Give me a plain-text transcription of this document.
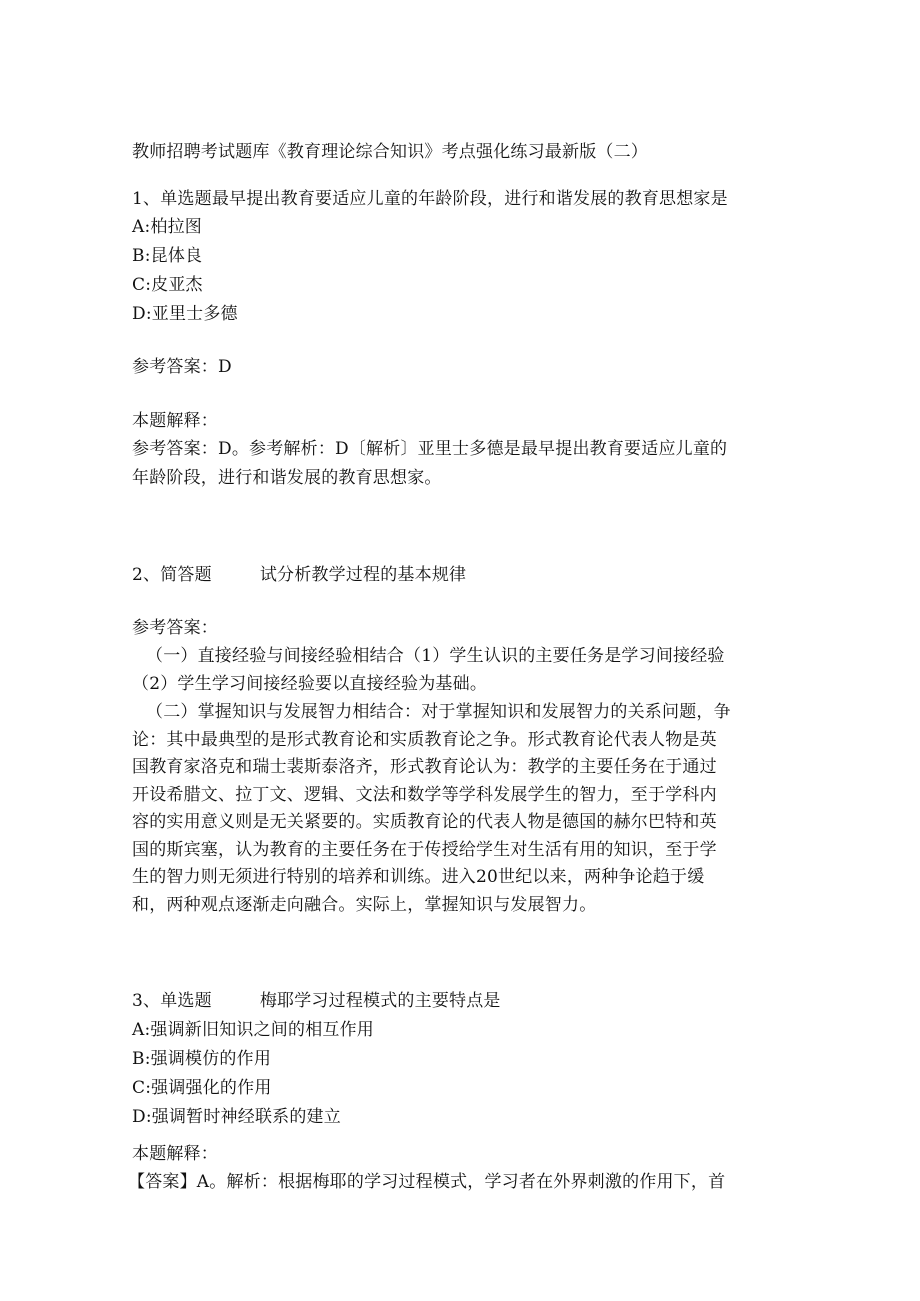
教师招聘考试题库《教育理论综合知识》考点强化练习最新版（二）
1、单选题最早提出教育要适应儿童的年龄阶段，进行和谐发展的教育思想家是
A:柏拉图
B:昆体良
C:皮亚杰
D:亚里士多德
参考答案：D
本题解释：
参考答案：D。参考解析：D〔解析〕亚里士多德是最早提出教育要适应儿童的
年龄阶段，进行和谐发展的教育思想家。
2、简答题	试分析教学过程的基本规律
参考答案：
（一）直接经验与间接经验相结合（1）学生认识的主要任务是学习间接经验
（2）学生学习间接经验要以直接经验为基础。
（二）掌握知识与发展智力相结合：对于掌握知识和发展智力的关系问题，争
论：其中最典型的是形式教育论和实质教育论之争。形式教育论代表人物是英
国教育家洛克和瑞士裴斯泰洛齐，形式教育论认为：教学的主要任务在于通过
开设希腊文、拉丁文、逻辑、文法和数学等学科发展学生的智力，至于学科内
容的实用意义则是无关紧要的。实质教育论的代表人物是德国的赫尔巴特和英
国的斯宾塞，认为教育的主要任务在于传授给学生对生活有用的知识，至于学
生的智力则无须进行特别的培养和训练。进入20世纪以来，两种争论趋于缓
和，两种观点逐渐走向融合。实际上，掌握知识与发展智力。
3、单选题	梅耶学习过程模式的主要特点是
A:强调新旧知识之间的相互作用
B:强调模仿的作用
C:强调强化的作用
D:强调暂时神经联系的建立
本题解释：
【答案】A。解析：根据梅耶的学习过程模式，学习者在外界刺激的作用下，首
